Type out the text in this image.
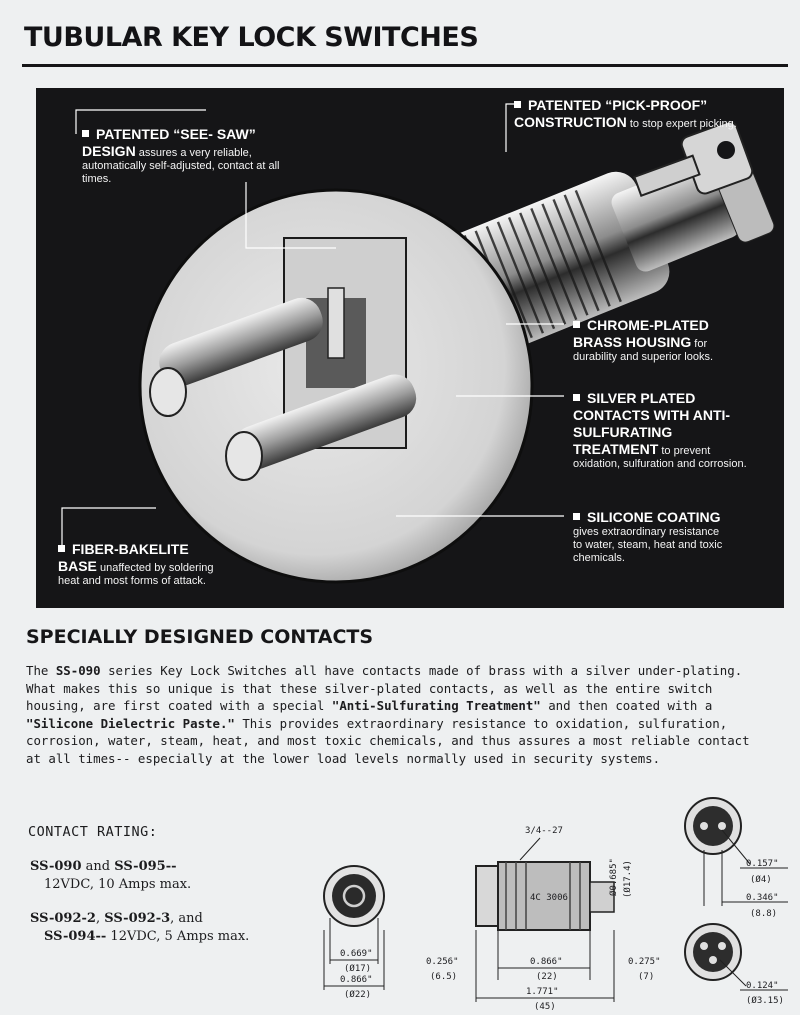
TUBULAR KEY LOCK SWITCHES

PATENTED “SEE- SAW” DESIGN assures a very reliable, automatically self-adjusted, contact at all times.
PATENTED “PICK-PROOF” CONSTRUCTION to stop expert picking.
CHROME-PLATED BRASS HOUSING for durability and superior looks.
SILVER PLATED CONTACTS WITH ANTI-SULFURATING TREATMENT to prevent oxidation, sulfuration and corrosion.
SILICONE COATING gives extraordinary resistance to water, steam, heat and toxic chemicals.
FIBER-BAKELITE BASE unaffected by soldering heat and most forms of attack.
SPECIALLY DESIGNED CONTACTS

The SS-090 series Key Lock Switches all have contacts made of brass with a silver under-plating. What makes this so unique is that these silver-plated contacts, as well as the entire switch housing, are first coated with a special "Anti-Sulfurating Treatment" and then coated with a "Silicone Dielectric Paste." This provides extraordinary resistance to oxidation, sulfuration, corrosion, water, steam, heat, and most toxic chemicals, and thus assures a most reliable contact at all times-- especially at the lower load levels normally used in security systems.

CONTACT RATING:
SS-090 and SS-095--
12VDC, 10 Amps max.
SS-092-2, SS-092-3, and
SS-094-- 12VDC, 5 Amps max.
0.669"
(Ø17)
0.866"
(Ø22)
3/4--27
4C 3006
Ø0.685" (Ø17.4)
0.256"
(6.5)
0.866"
(22)
0.275"
(7)
1.771"
(45)
0.157"
(Ø4)
0.346"
(8.8)
0.124"
(Ø3.15)
